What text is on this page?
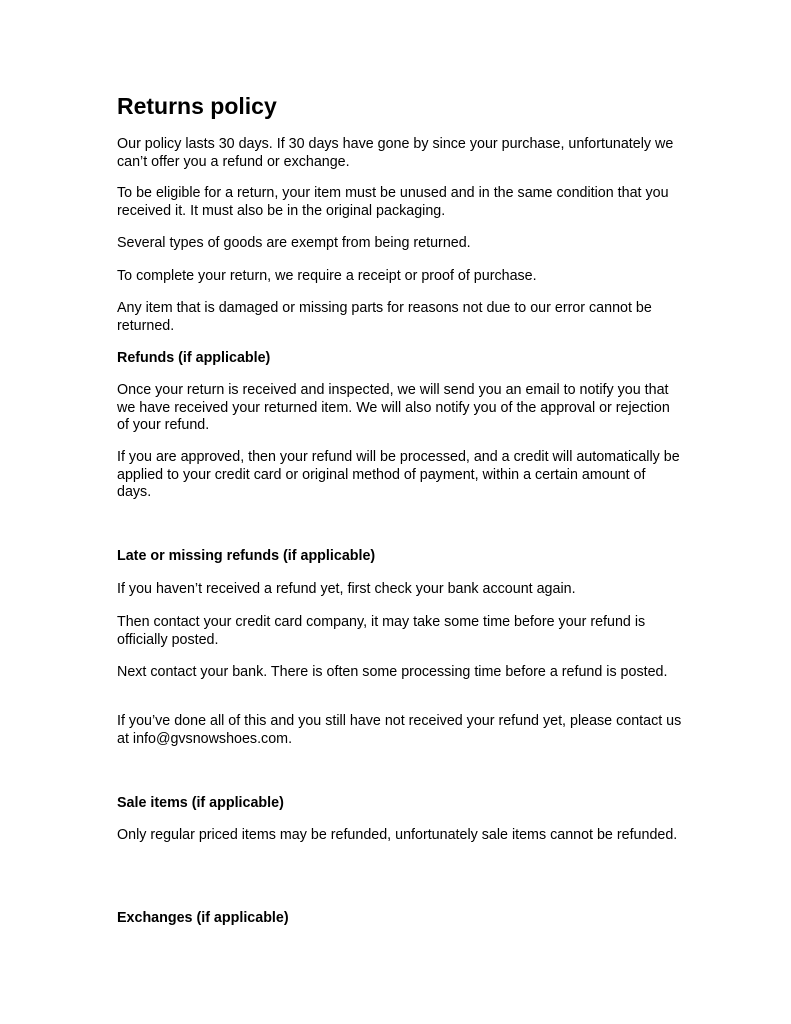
Returns policy

Our policy lasts 30 days. If 30 days have gone by since your purchase, unfortunately we can’t offer you a refund or exchange.

To be eligible for a return, your item must be unused and in the same condition that you received it. It must also be in the original packaging.

Several types of goods are exempt from being returned.

To complete your return, we require a receipt or proof of purchase.

Any item that is damaged or missing parts for reasons not due to our error cannot be returned.

Refunds (if applicable)

Once your return is received and inspected, we will send you an email to notify you that we have received your returned item. We will also notify you of the approval or rejection of your refund.

If you are approved, then your refund will be processed, and a credit will automatically be applied to your credit card or original method of payment, within a certain amount of days.

Late or missing refunds (if applicable)

If you haven’t received a refund yet, first check your bank account again.

Then contact your credit card company, it may take some time before your refund is officially posted.

Next contact your bank. There is often some processing time before a refund is posted.

If you’ve done all of this and you still have not received your refund yet, please contact us at info@gvsnowshoes.com.

Sale items (if applicable)

Only regular priced items may be refunded, unfortunately sale items cannot be refunded.

Exchanges (if applicable)
